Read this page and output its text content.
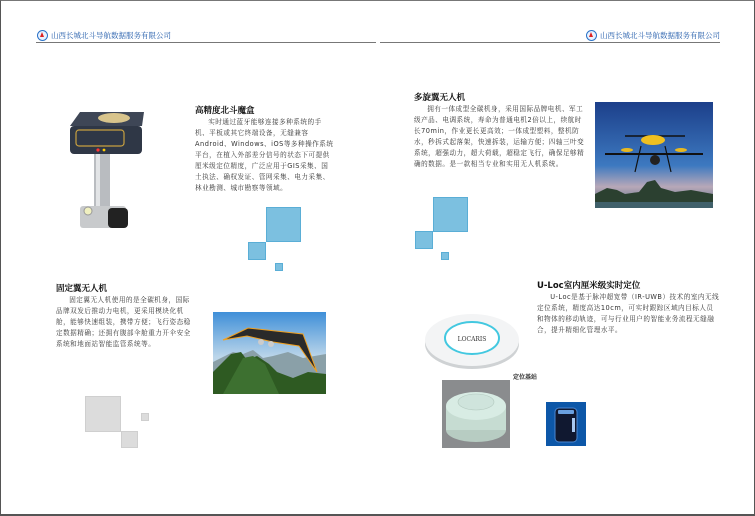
山西长城北斗导航数据服务有限公司	山西长城北斗导航数据服务有限公司
高精度北斗魔盒
实时通过蓝牙能够连接多种系统的手机、平板或其它终端设备，无缝兼容Android、Windows、iOS等多种操作系统平台，在植入外部差分信号的状态下可提供厘米级定位精度，广泛应用于GIS采集、国土执法、确权发证、管网采集、电力采集、林业勘测、城市勘察等领域。
固定翼无人机
固定翼无人机使用的是全碳机身，国际品牌双发后推动力电机，更采用模块化机舱，能够快速组装，携带方便；飞行姿态稳定数据精确；还拥有腹部伞舱重力开伞安全系统和地面站智能监管系统等。
多旋翼无人机
拥有一体成型全碳机身，采用国际品牌电机、军工级产品、电调系统，寿命为普通电机2倍以上，续航时长70min，作业更长更高效；一体成型塑料，整机防水，秒拆式起落架，快速拆装，运输方便；四轴三叶变系统，超强动力，超大荷载，超稳定飞行，确保足够精确的数据。是一款相当专业和实用无人机系统。
U-Loc室内厘米级实时定位
U-Loc是基于脉冲超宽带（IR-UWB）技术的室内无线定位系统，精度高达10cm，可实时跟踪区域内目标人员和物体的移动轨迹，可与行业用户的智能业务流程无缝融合，提升精细化管理水平。
LOCARIS
定位基站
